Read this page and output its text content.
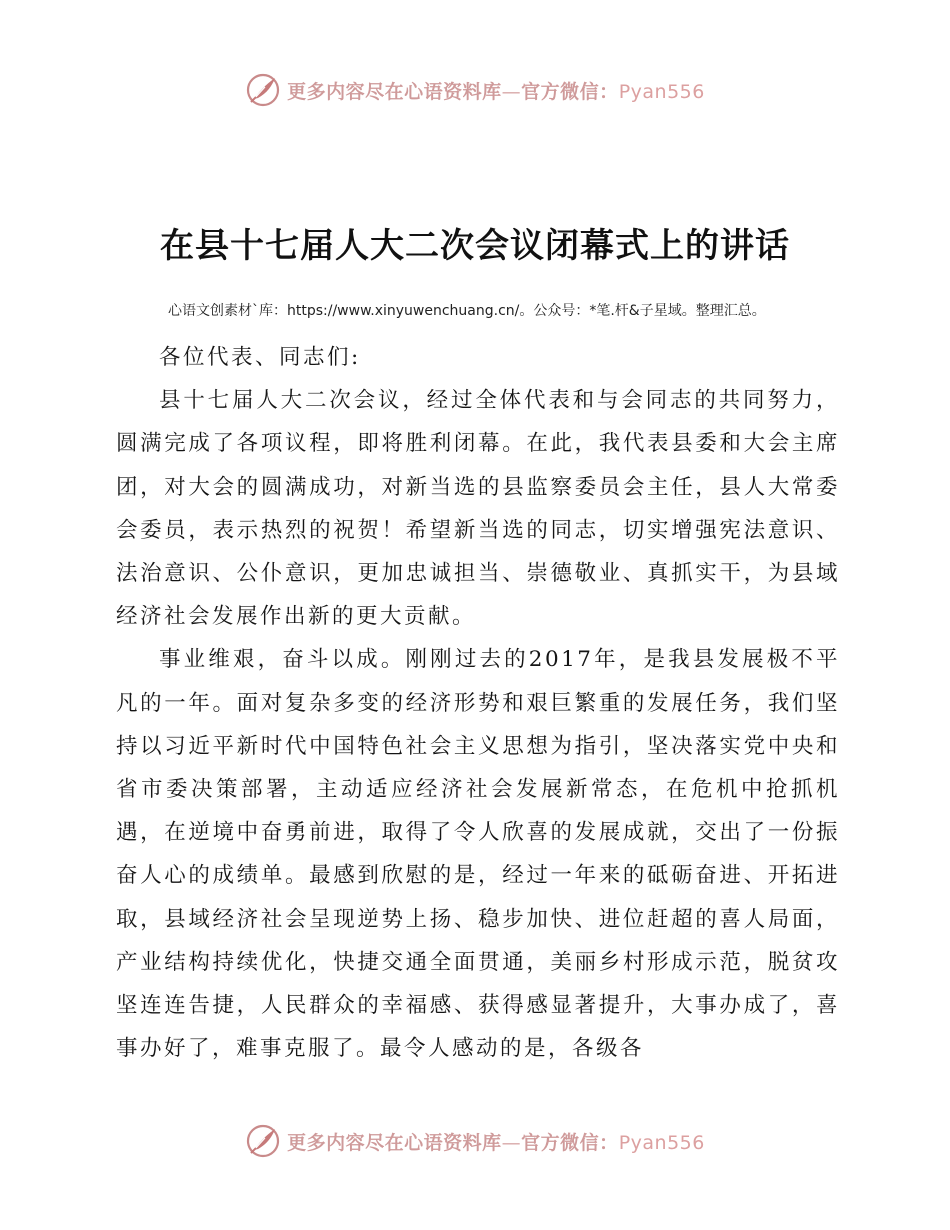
更多内容尽在心语资料库—官方微信：Pyan556
在县十七届人大二次会议闭幕式上的讲话

心语文创素材`库：https://www.xinyuwenchuang.cn/。公众号：*笔.杆&子星域。整理汇总。

各位代表、同志们:

县十七届人大二次会议，经过全体代表和与会同志的共同努力，圆满完成了各项议程，即将胜利闭幕。在此，我代表县委和大会主席团，对大会的圆满成功，对新当选的县监察委员会主任，县人大常委会委员，表示热烈的祝贺！希望新当选的同志，切实增强宪法意识、法治意识、公仆意识，更加忠诚担当、崇德敬业、真抓实干，为县域经济社会发展作出新的更大贡献。

事业维艰，奋斗以成。刚刚过去的2017年，是我县发展极不平凡的一年。面对复杂多变的经济形势和艰巨繁重的发展任务，我们坚持以习近平新时代中国特色社会主义思想为指引，坚决落实党中央和省市委决策部署，主动适应经济社会发展新常态，在危机中抢抓机遇，在逆境中奋勇前进，取得了令人欣喜的发展成就，交出了一份振奋人心的成绩单。最感到欣慰的是，经过一年来的砥砺奋进、开拓进取，县域经济社会呈现逆势上扬、稳步加快、进位赶超的喜人局面，产业结构持续优化，快捷交通全面贯通，美丽乡村形成示范，脱贫攻坚连连告捷，人民群众的幸福感、获得感显著提升，大事办成了，喜事办好了，难事克服了。最令人感动的是，各级各

更多内容尽在心语资料库—官方微信：Pyan556
